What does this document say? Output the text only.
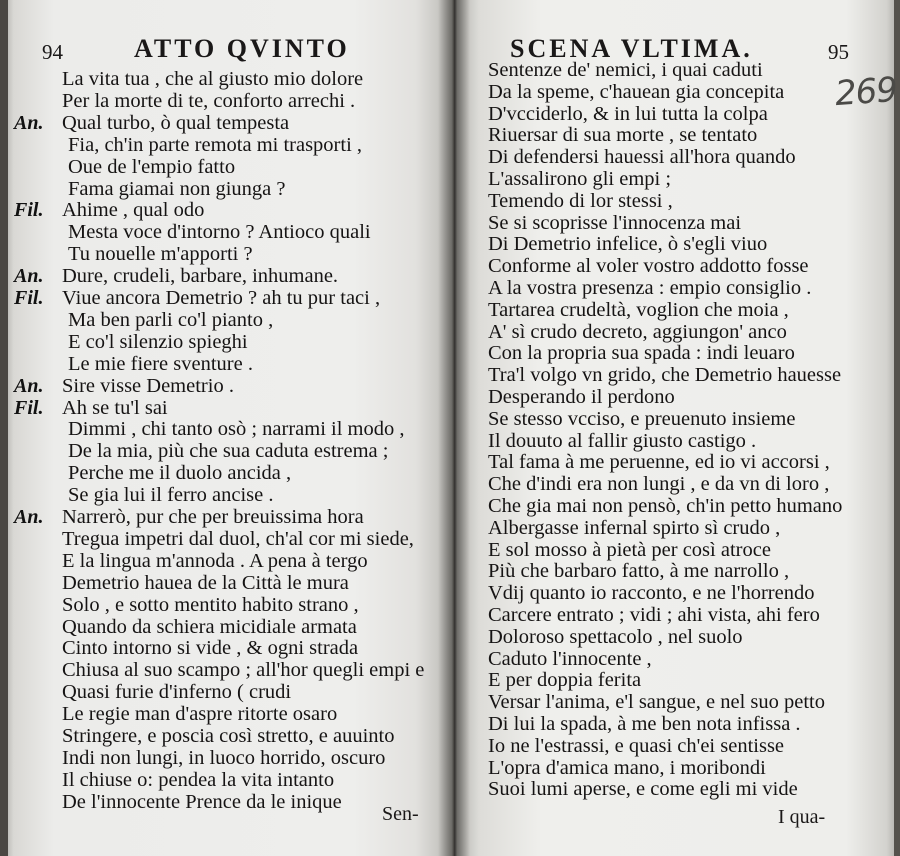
94	ATTO QVINTO
La vita tua , che al giusto mio dolore
Per la morte di te, conforto arrechi .
An. Qual turbo, ò qual tempesta
Fia, ch'in parte remota mi trasporti ,
Oue de l'empio fatto
Fama giamai non giunga ?
Fil. Ahime , qual odo
Mesta voce d'intorno ? Antioco quali
Tu nouelle m'apporti ?
An. Dure, crudeli, barbare, inhumane.
Fil. Viue ancora Demetrio ? ah tu pur taci ,
Ma ben parli co'l pianto ,
E co'l silenzio spieghi
Le mie fiere sventure .
An. Sire visse Demetrio .
Fil. Ah se tu'l sai
Dimmi , chi tanto osò ; narrami il modo ,
De la mia, più che sua caduta estrema ;
Perche me il duolo ancida ,
Se gia lui il ferro ancise .
An. Narrerò, pur che per breuissima hora
Tregua impetri dal duol, ch'al cor mi siede,
E la lingua m'annoda . A pena à tergo
Demetrio hauea de la Città le mura
Solo , e sotto mentito habito strano ,
Quando da schiera micidiale armata
Cinto intorno si vide , & ogni strada
Chiusa al suo scampo ; all'hor quegli empi e
Quasi furie d'inferno ( crudi
Le regie man d'aspre ritorte osaro
Stringere, e poscia così stretto, e auuinto
Indi non lungi, in luoco horrido, oscuro
Il chiuse o: pendea la vita intanto
De l'innocente Prence da le inique
Sen-
SCENA VLTIMA.	95
269
Sentenze de' nemici, i quai caduti
Da la speme, c'hauean gia concepita
D'vcciderlo, & in lui tutta la colpa
Riuersar di sua morte , se tentato
Di defendersi hauessi all'hora quando
L'assalirono gli empi ;
Temendo di lor stessi ,
Se si scoprisse l'innocenza mai
Di Demetrio infelice, ò s'egli viuo
Conforme al voler vostro addotto fosse
A la vostra presenza : empio consiglio .
Tartarea crudeltà, voglion che moia ,
A' sì crudo decreto, aggiungon' anco
Con la propria sua spada : indi leuaro
Tra'l volgo vn grido, che Demetrio hauesse
Desperando il perdono
Se stesso vcciso, e preuenuto insieme
Il douuto al fallir giusto castigo .
Tal fama à me peruenne, ed io vi accorsi ,
Che d'indi era non lungi , e da vn di loro ,
Che gia mai non pensò, ch'in petto humano
Albergasse infernal spirto sì crudo ,
E sol mosso à pietà per così atroce
Più che barbaro fatto, à me narrollo ,
Vdij quanto io racconto, e ne l'horrendo
Carcere entrato ; vidi ; ahi vista, ahi fero
Doloroso spettacolo , nel suolo
Caduto l'innocente ,
E per doppia ferita
Versar l'anima, e'l sangue, e nel suo petto
Di lui la spada, à me ben nota infissa .
Io ne l'estrassi, e quasi ch'ei sentisse
L'opra d'amica mano, i moribondi
Suoi lumi aperse, e come egli mi vide
I qua-
